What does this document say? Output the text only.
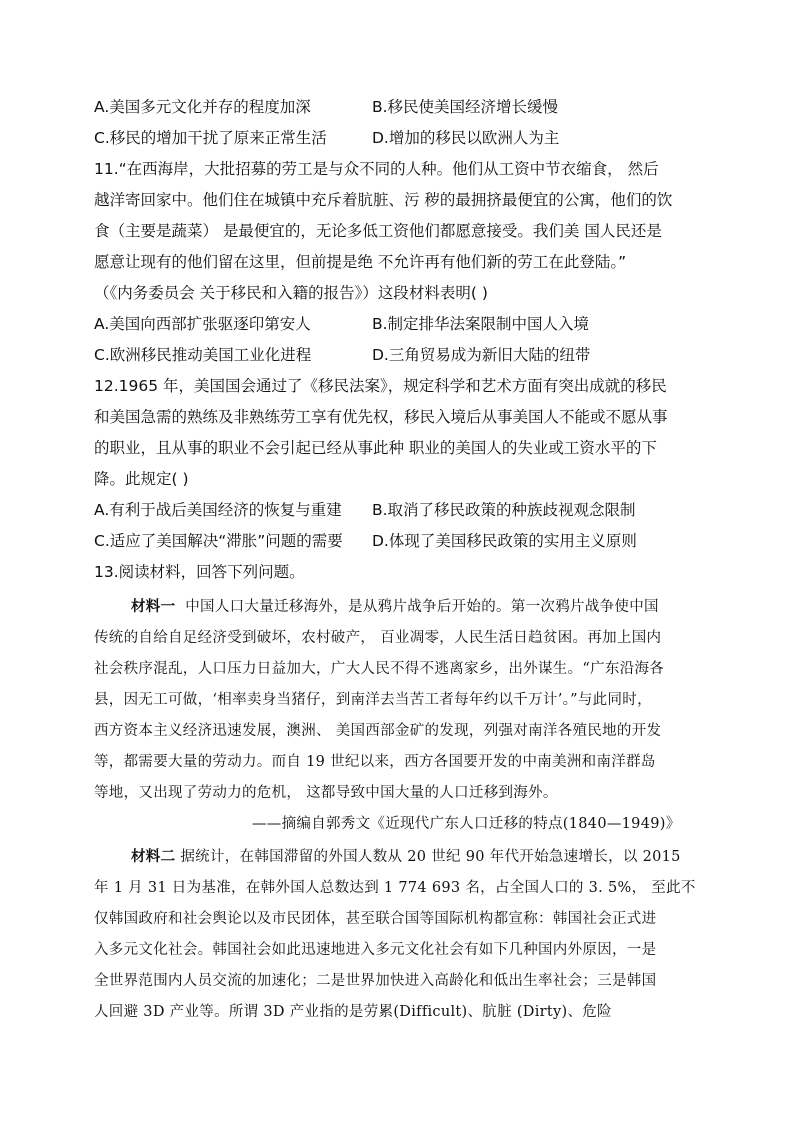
A.美国多元文化并存的程度加深	B.移民使美国经济增长缓慢
C.移民的增加干扰了原来正常生活	D.增加的移民以欧洲人为主
11.“在西海岸，大批招募的劳工是与众不同的人种。他们从工资中节衣缩食， 然后
越洋寄回家中。他们住在城镇中充斥着肮脏、污 秽的最拥挤最便宜的公寓，他们的饮
食（主要是蔬菜） 是最便宜的，无论多低工资他们都愿意接受。我们美 国人民还是
愿意让现有的他们留在这里，但前提是绝 不允许再有他们新的劳工在此登陆。”
（《内务委员会 关于移民和入籍的报告》）这段材料表明( )
A.美国向西部扩张驱逐印第安人	B.制定排华法案限制中国人入境
C.欧洲移民推动美国工业化进程	D.三角贸易成为新旧大陆的纽带
12.1965 年，美国国会通过了《移民法案》，规定科学和艺术方面有突出成就的移民
和美国急需的熟练及非熟练劳工享有优先权，移民入境后从事美国人不能或不愿从事
的职业，且从事的职业不会引起已经从事此种 职业的美国人的失业或工资水平的下
降。此规定( )
A.有利于战后美国经济的恢复与重建 B.取消了移民政策的种族歧视观念限制
C.适应了美国解决“滞胀”问题的需要 D.体现了美国移民政策的实用主义原则
13.阅读材料，回答下列问题。
材料一 中国人口大量迁移海外，是从鸦片战争后开始的。第一次鸦片战争使中国
传统的自给自足经济受到破坏，农村破产， 百业凋零，人民生活日趋贫困。再加上国内
社会秩序混乱，人口压力日益加大，广大人民不得不逃离家乡，出外谋生。“广东沿海各
县，因无工可做，‘相率卖身当猪仔，到南洋去当苦工者每年约以千万计’。”与此同时，
西方资本主义经济迅速发展，澳洲、 美国西部金矿的发现，列强对南洋各殖民地的开发
等，都需要大量的劳动力。而自 19 世纪以来，西方各国要开发的中南美洲和南洋群岛
等地，又出现了劳动力的危机， 这都导致中国大量的人口迁移到海外。
——摘编自郭秀文《近现代广东人口迁移的特点(1840—1949)》
材料二 据统计，在韩国滞留的外国人数从 20 世纪 90 年代开始急速增长，以 2015
年 1 月 31 日为基准，在韩外国人总数达到 1 774 693 名，占全国人口的 3. 5%， 至此不
仅韩国政府和社会舆论以及市民团体，甚至联合国等国际机构都宣称：韩国社会正式进
入多元文化社会。韩国社会如此迅速地进入多元文化社会有如下几种国内外原因，一是
全世界范围内人员交流的加速化；二是世界加快进入高龄化和低出生率社会；三是韩国
人回避 3D 产业等。所谓 3D 产业指的是劳累(Difficult)、肮脏 (Dirty)、危险
